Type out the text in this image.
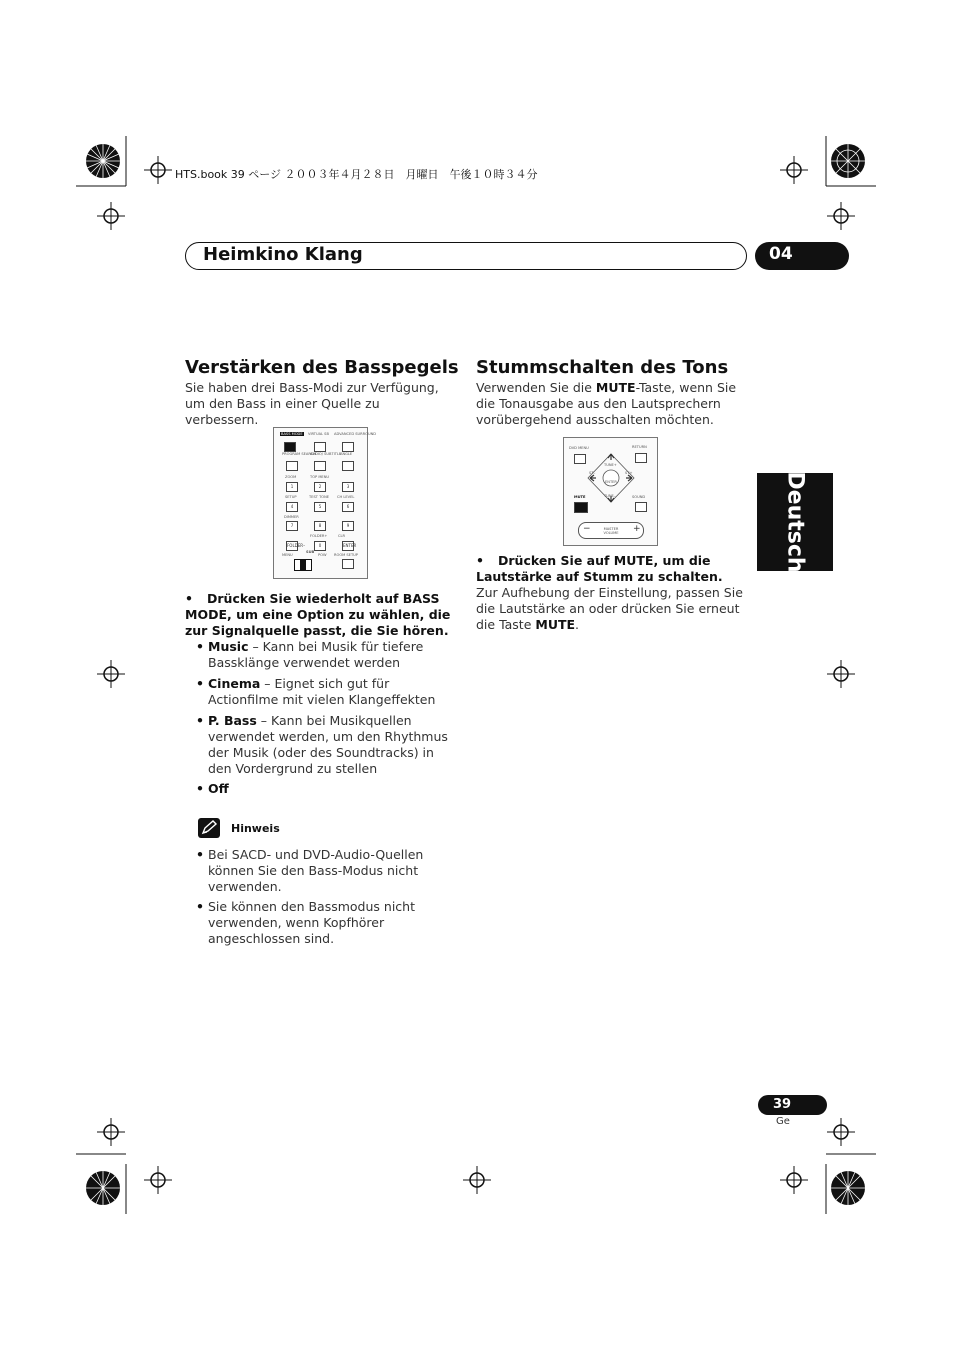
HTS.book 39 ページ ２００３年４月２８日　月曜日　午後１０時３４分
Heimkino Klang	04
Deutsch
Verstärken des Basspegels
Sie haben drei Bass-Modi zur Verfügung, um den Bass in einer Quelle zu verbessern.
BASS MODE VIRTUAL SB ADVANCED SURROUND
PROGRAM SEARCH
AUDIO/ SUBTITLE
ANGLE
ZOOM	TOP MENU
1	2	3
SETUP	TEST TONE CH LEVEL
4	5	6
DIMMER
7	8	9
FOLDER+	CLR
FOLDER–	0	ENTER
MENU
SUB
POW ROOM SETUP
• Drücken Sie wiederholt auf BASS MODE, um eine Option zu wählen, die zur Signalquelle passt, die Sie hören.
• Music – Kann bei Musik für tiefere Bassklänge verwendet werden
• Cinema – Eignet sich gut für Actionfilme mit vielen Klangeffekten
• P. Bass – Kann bei Musikquellen verwendet werden, um den Rhythmus der Musik (oder des Soundtracks) in den Vordergrund zu stellen
• Off
Hinweis
• Bei SACD- und DVD-Audio-Quellen können Sie den Bass-Modus nicht verwenden.
• Sie können den Bassmodus nicht verwenden, wenn Kopfhörer angeschlossen sind.
Stummschalten des Tons
Verwenden Sie die MUTE-Taste, wenn Sie die Tonausgabe aus den Lautsprechern vorübergehend ausschalten möchten.
DVD MENU	RETURN
TUNE+
ST–	ST+
ENTER
TUNE–
MUTE	SOUND
−	MASTER VOLUME	+
• Drücken Sie auf MUTE, um die Lautstärke auf Stumm zu schalten.
Zur Aufhebung der Einstellung, passen Sie die Lautstärke an oder drücken Sie erneut die Taste MUTE.
39
Ge
